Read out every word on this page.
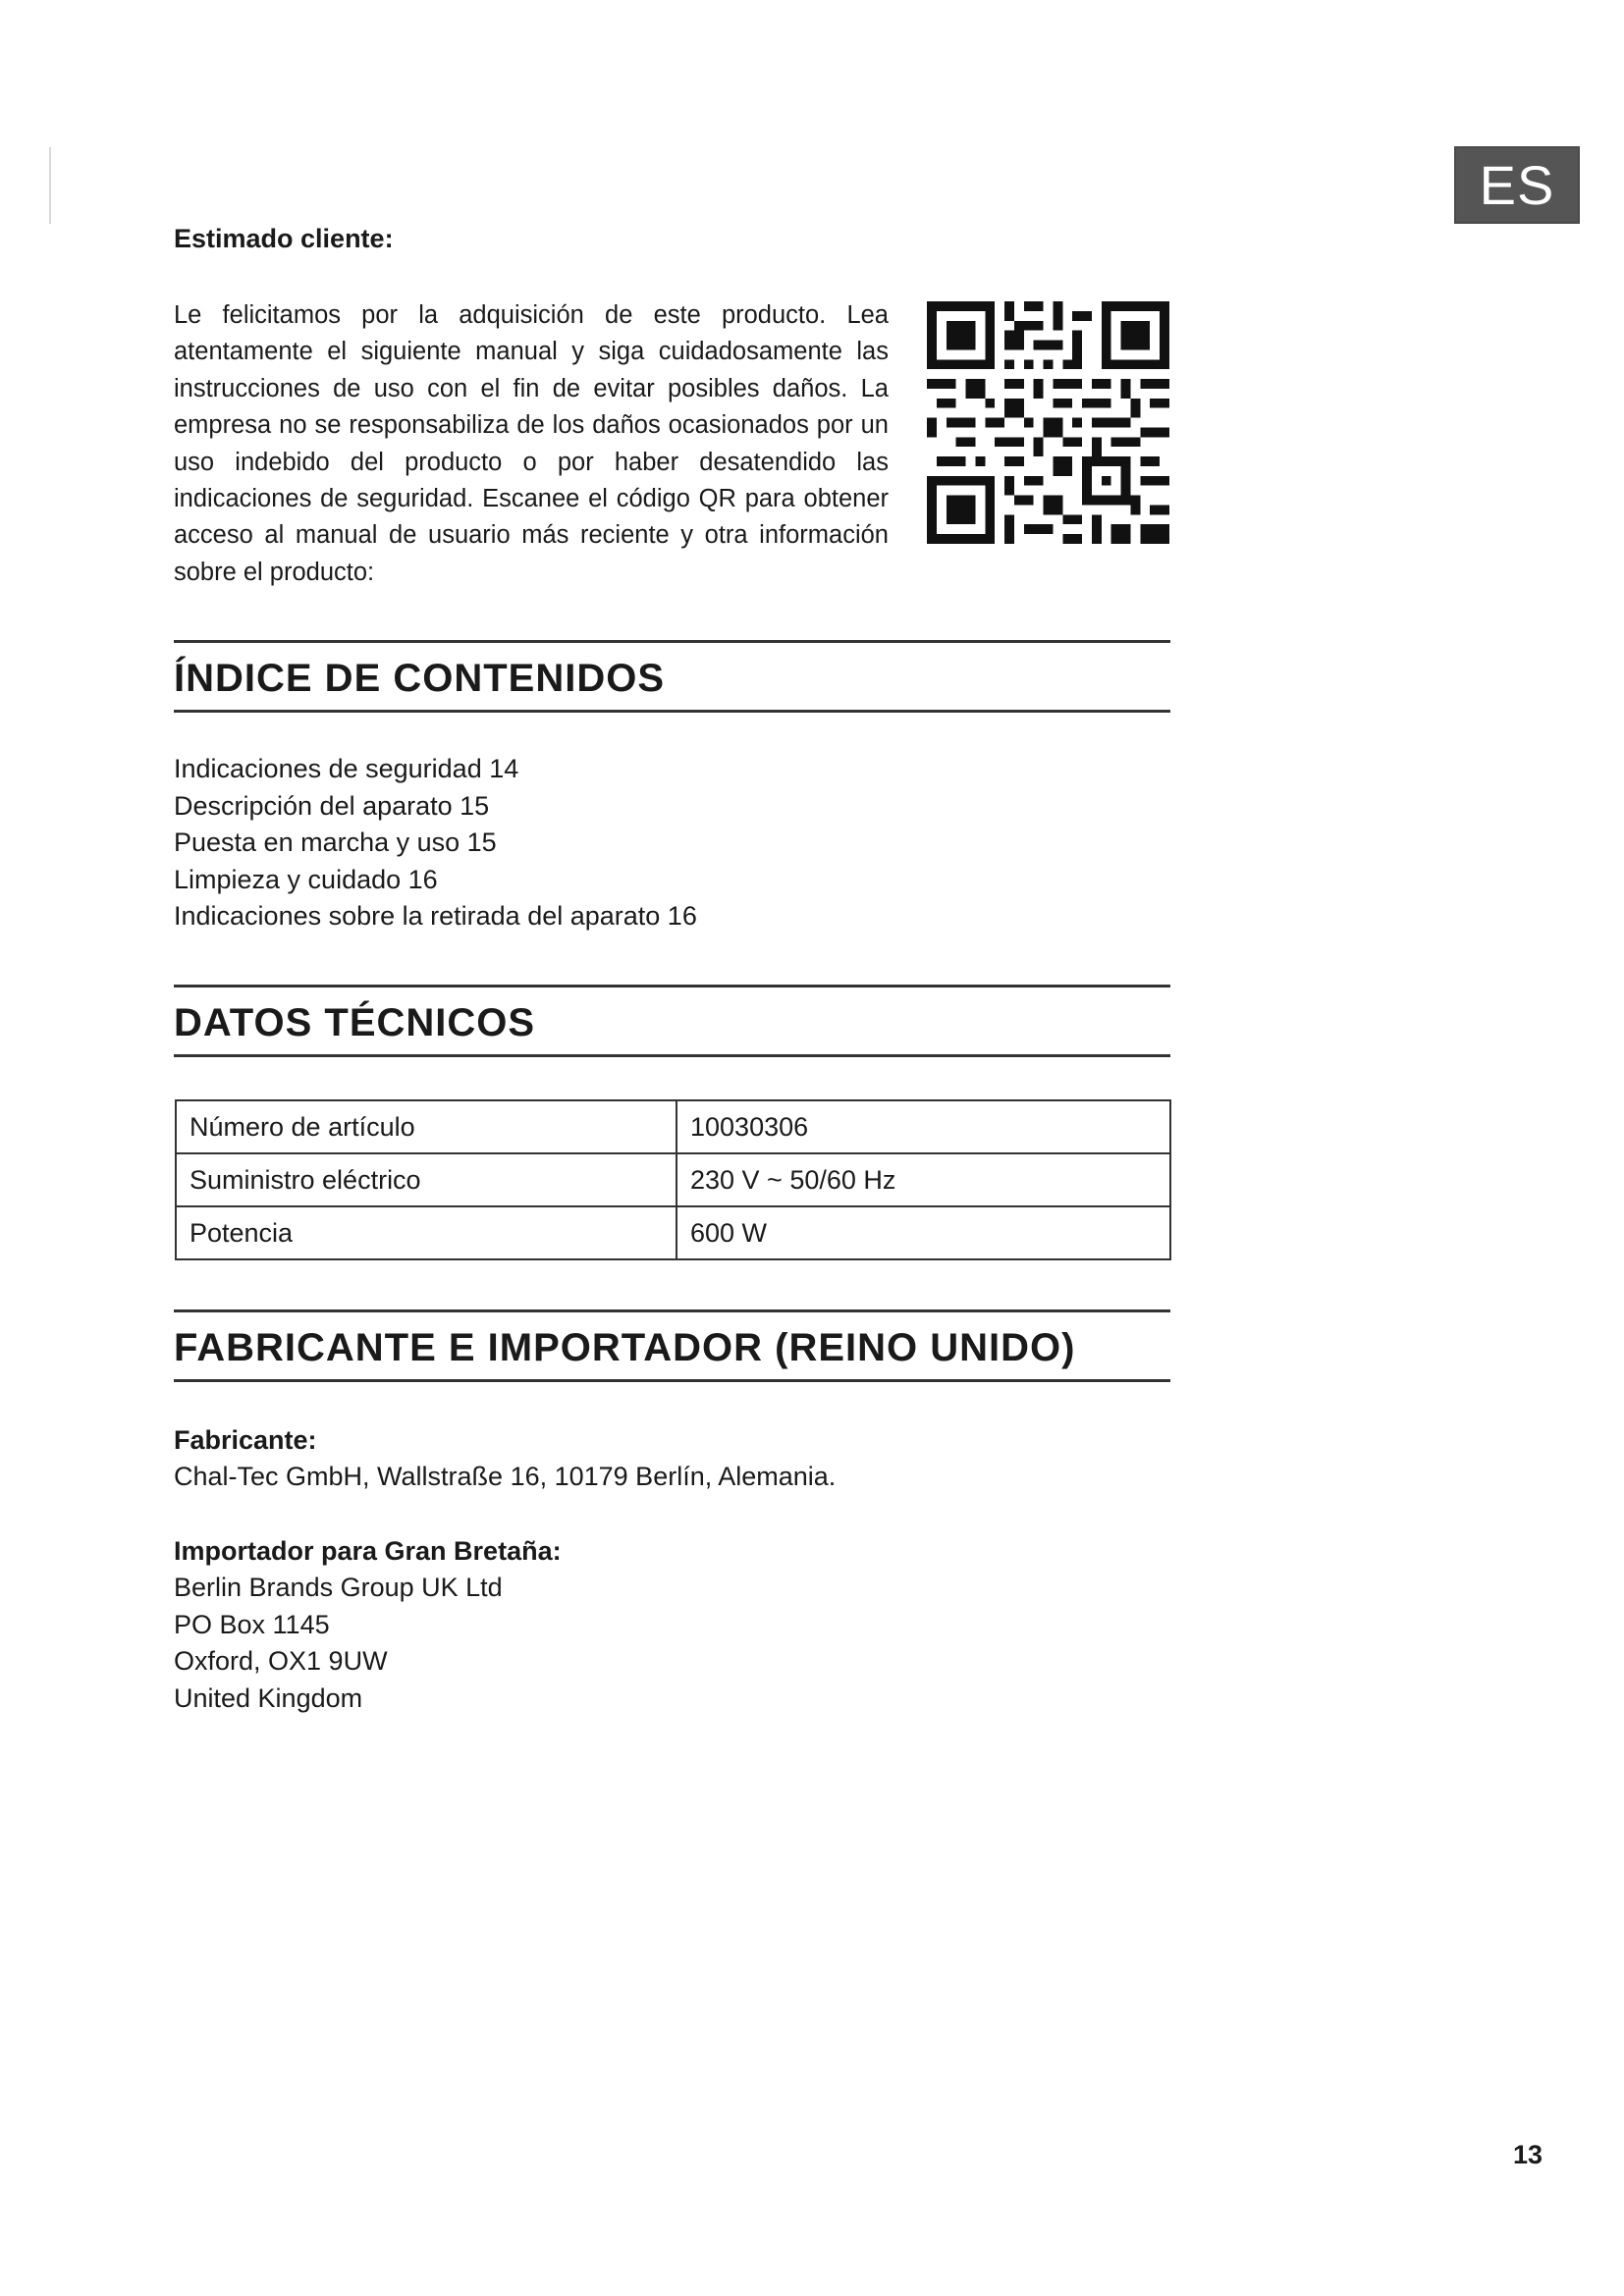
ES
Estimado cliente:

Le felicitamos por la adquisición de este producto. Lea atentamente el siguiente manual y siga cuidadosamente las instrucciones de uso con el fin de evitar posibles daños. La empresa no se responsabiliza de los daños ocasionados por un uso indebido del producto o por haber desatendido las indicaciones de seguridad. Escanee el código QR para obtener acceso al manual de usuario más reciente y otra información sobre el producto:

ÍNDICE DE CONTENIDOS
Indicaciones de seguridad 14
Descripción del aparato 15
Puesta en marcha y uso 15
Limpieza y cuidado 16
Indicaciones sobre la retirada del aparato 16
DATOS TÉCNICOS
Número de artículo	10030306
Suministro eléctrico	230 V ~ 50/60 Hz
Potencia	600 W
FABRICANTE E IMPORTADOR (REINO UNIDO)
Fabricante:
Chal-Tec GmbH, Wallstraße 16, 10179 Berlín, Alemania.
Importador para Gran Bretaña:
Berlin Brands Group UK Ltd
PO Box 1145
Oxford, OX1 9UW
United Kingdom
13
